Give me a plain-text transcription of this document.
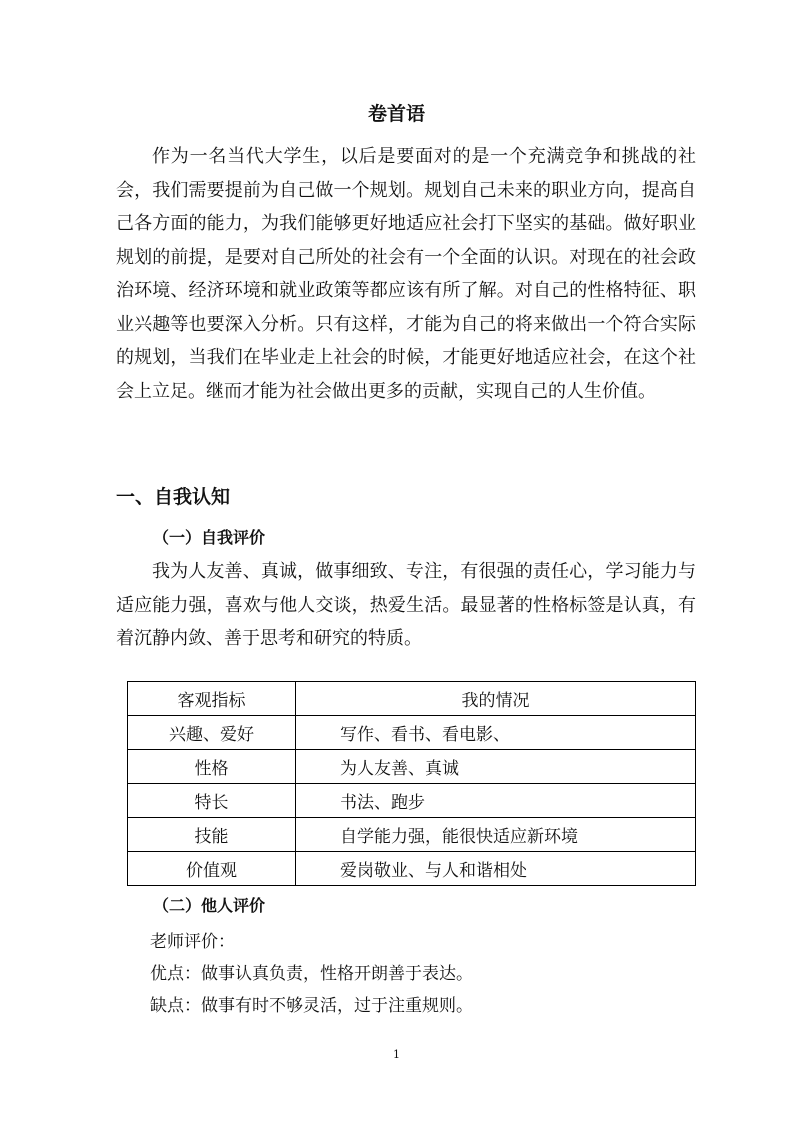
卷首语

作为一名当代大学生，以后是要面对的是一个充满竞争和挑战的社会，我们需要提前为自己做一个规划。规划自己未来的职业方向，提高自己各方面的能力，为我们能够更好地适应社会打下坚实的基础。做好职业规划的前提，是要对自己所处的社会有一个全面的认识。对现在的社会政治环境、经济环境和就业政策等都应该有所了解。对自己的性格特征、职业兴趣等也要深入分析。只有这样，才能为自己的将来做出一个符合实际的规划，当我们在毕业走上社会的时候，才能更好地适应社会，在这个社会上立足。继而才能为社会做出更多的贡献，实现自己的人生价值。

一、自我认知
（一）自我评价

我为人友善、真诚，做事细致、专注，有很强的责任心，学习能力与适应能力强，喜欢与他人交谈，热爱生活。最显著的性格标签是认真，有着沉静内敛、善于思考和研究的特质。

客观指标	我的情况
兴趣、爱好	写作、看书、看电影、
性格	为人友善、真诚
特长	书法、跑步
技能	自学能力强，能很快适应新环境
价值观	爱岗敬业、与人和谐相处
（二）他人评价
老师评价：
优点：做事认真负责，性格开朗善于表达。
缺点：做事有时不够灵活，过于注重规则。
1
